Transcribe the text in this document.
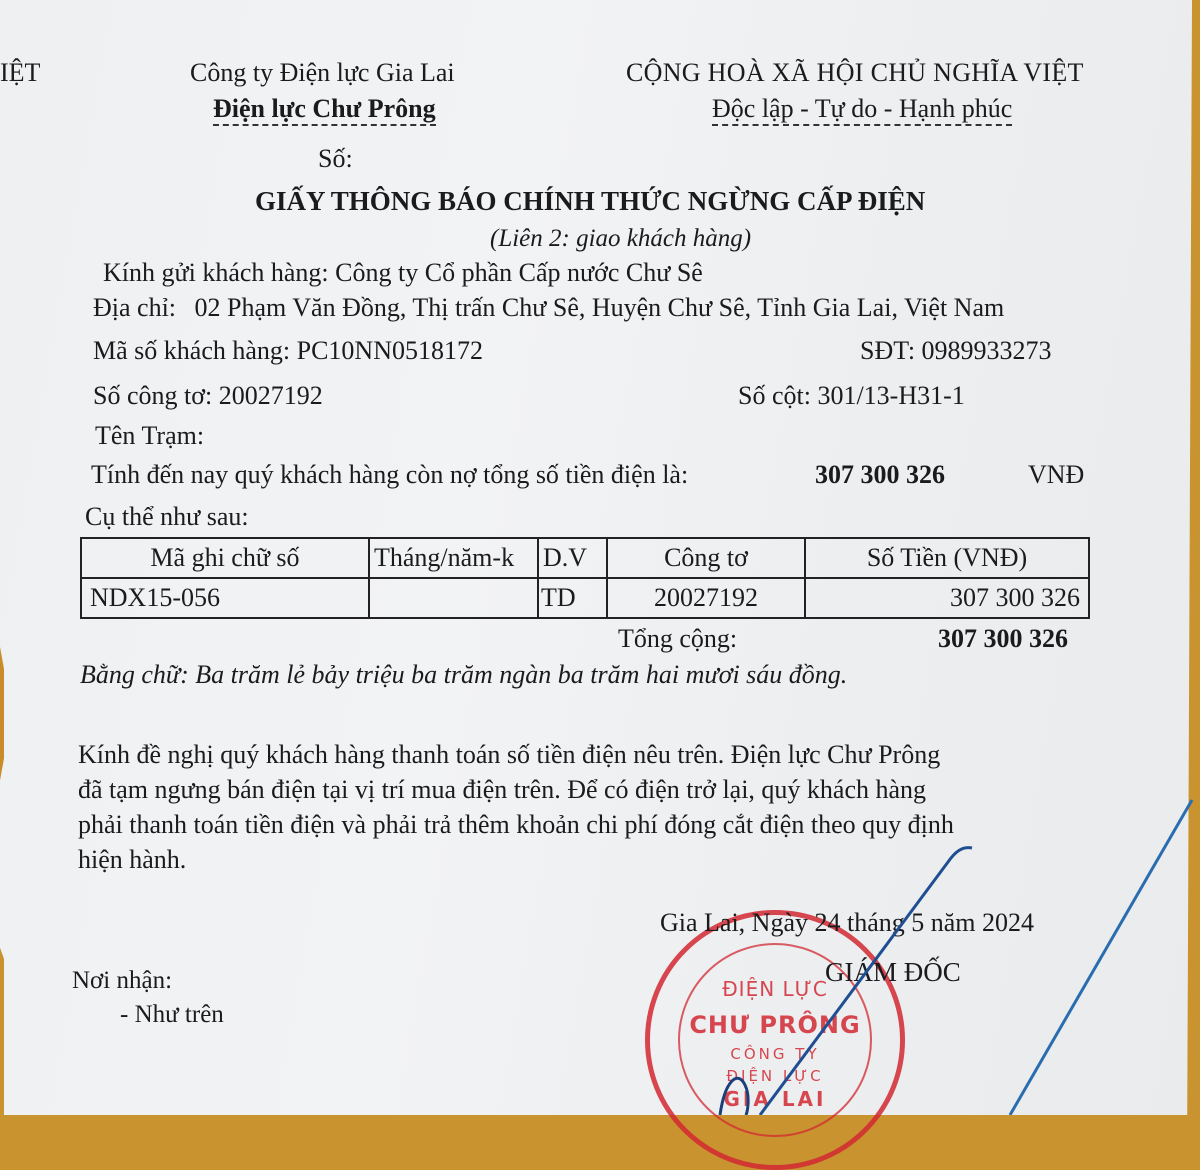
IỆT	Công ty Điện lực Gia Lai
Điện lực Chư Prông
Số:
CỘNG HOÀ XÃ HỘI CHỦ NGHĨA VIỆT
Độc lập - Tự do - Hạnh phúc
GIẤY THÔNG BÁO CHÍNH THỨC NGỪNG CẤP ĐIỆN
(Liên 2: giao khách hàng)
Kính gửi khách hàng: Công ty Cổ phần Cấp nước Chư Sê
Địa chỉ: 02 Phạm Văn Đồng, Thị trấn Chư Sê, Huyện Chư Sê, Tỉnh Gia Lai, Việt Nam
Mã số khách hàng: PC10NN0518172	SĐT: 0989933273
Số công tơ: 20027192	Số cột: 301/13-H31-1
Tên Trạm:
Tính đến nay quý khách hàng còn nợ tổng số tiền điện là:	307 300 326	VNĐ
Cụ thể như sau:
Mã ghi chữ số	Tháng/năm-k	D.V	Công tơ	Số Tiền (VNĐ)
NDX15-056		TD	20027192	307 300 326
Tổng cộng:	307 300 326
Bằng chữ: Ba trăm lẻ bảy triệu ba trăm ngàn ba trăm hai mươi sáu đồng.
Kính đề nghị quý khách hàng thanh toán số tiền điện nêu trên. Điện lực Chư Prông
đã tạm ngưng bán điện tại vị trí mua điện trên. Để có điện trở lại, quý khách hàng
phải thanh toán tiền điện và phải trả thêm khoản chi phí đóng cắt điện theo quy định
hiện hành.
ĐIỆN LỰC
CHƯ PRÔNG
CÔNG TY
ĐIỆN LỰC
GIA LAI
Gia Lai, Ngày 24 tháng 5 năm 2024
GIÁM ĐỐC
Nơi nhận:
- Như trên
